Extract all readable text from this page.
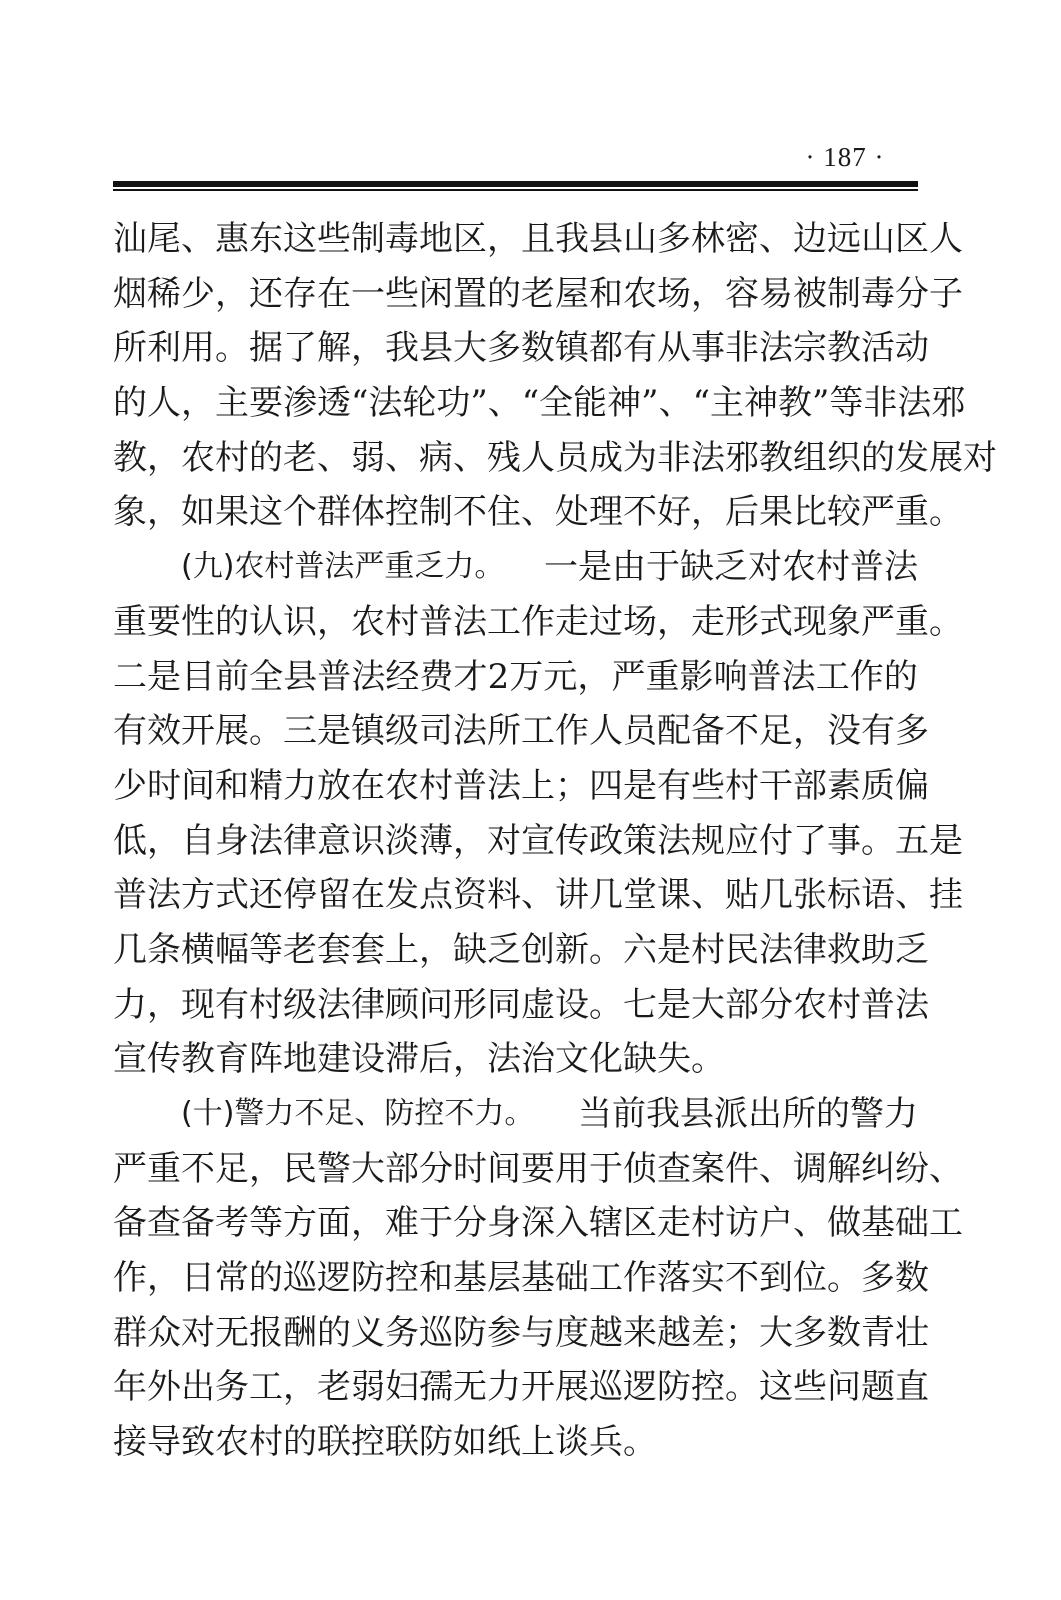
· 187 ·
汕 尾 、 惠 东 这 些 制 毒 地 区 ， 且 我 县 山 多 林 密 、 边 远 山 区 人
烟 稀 少 ， 还 存 在 一 些 闲 置 的 老 屋 和 农 场 ， 容 易 被 制 毒 分 子
所 利 用 。 据 了 解 ， 我 县 大 多 数 镇 都 有 从 事 非 法 宗 教 活 动
的 人 ， 主 要 渗 透 “ 法 轮 功 ” 、 “ 全 能 神 ” 、 “ 主 神 教 ” 等 非 法 邪
教 ， 农 村 的 老 、 弱 、 病 、 残 人 员 成 为 非 法 邪 教 组 织 的 发 展 对
象，如果这个群体控制不住、处理不好，后果比较严重。
(九)农村普法严重乏力。 一是由于缺乏对农村普法
重 要 性 的 认 识 ， 农 村 普 法 工 作 走 过 场 ， 走 形 式 现 象 严 重 。
二 是 目 前 全 县 普 法 经 费 才 2 万 元 ， 严 重 影 响 普 法 工 作 的
有 效 开 展 。 三 是 镇 级 司 法 所 工 作 人 员 配 备 不 足 ， 没 有 多
少 时 间 和 精 力 放 在 农 村 普 法 上 ； 四 是 有 些 村 干 部 素 质 偏
低 ， 自 身 法 律 意 识 淡 薄 ， 对 宣 传 政 策 法 规 应 付 了 事 。 五 是
普 法 方 式 还 停 留 在 发 点 资 料 、 讲 几 堂 课 、 贴 几 张 标 语 、 挂
几 条 横 幅 等 老 套 套 上 ， 缺 乏 创 新 。 六 是 村 民 法 律 救 助 乏
力 ， 现 有 村 级 法 律 顾 问 形 同 虚 设 。 七 是 大 部 分 农 村 普 法
宣传教育阵地建设滞后，法治文化缺失。
(十)警力不足、防控不力。 当前我县派出所的警力
严 重 不 足 ， 民 警 大 部 分 时 间 要 用 于 侦 查 案 件 、 调 解 纠 纷 、
备 查 备 考 等 方 面 ， 难 于 分 身 深 入 辖 区 走 村 访 户 、 做 基 础 工
作 ， 日 常 的 巡 逻 防 控 和 基 层 基 础 工 作 落 实 不 到 位 。 多 数
群 众 对 无 报 酬 的 义 务 巡 防 参 与 度 越 来 越 差 ； 大 多 数 青 壮
年 外 出 务 工 ， 老 弱 妇 孺 无 力 开 展 巡 逻 防 控 。 这 些 问 题 直
接导致农村的联控联防如纸上谈兵。
